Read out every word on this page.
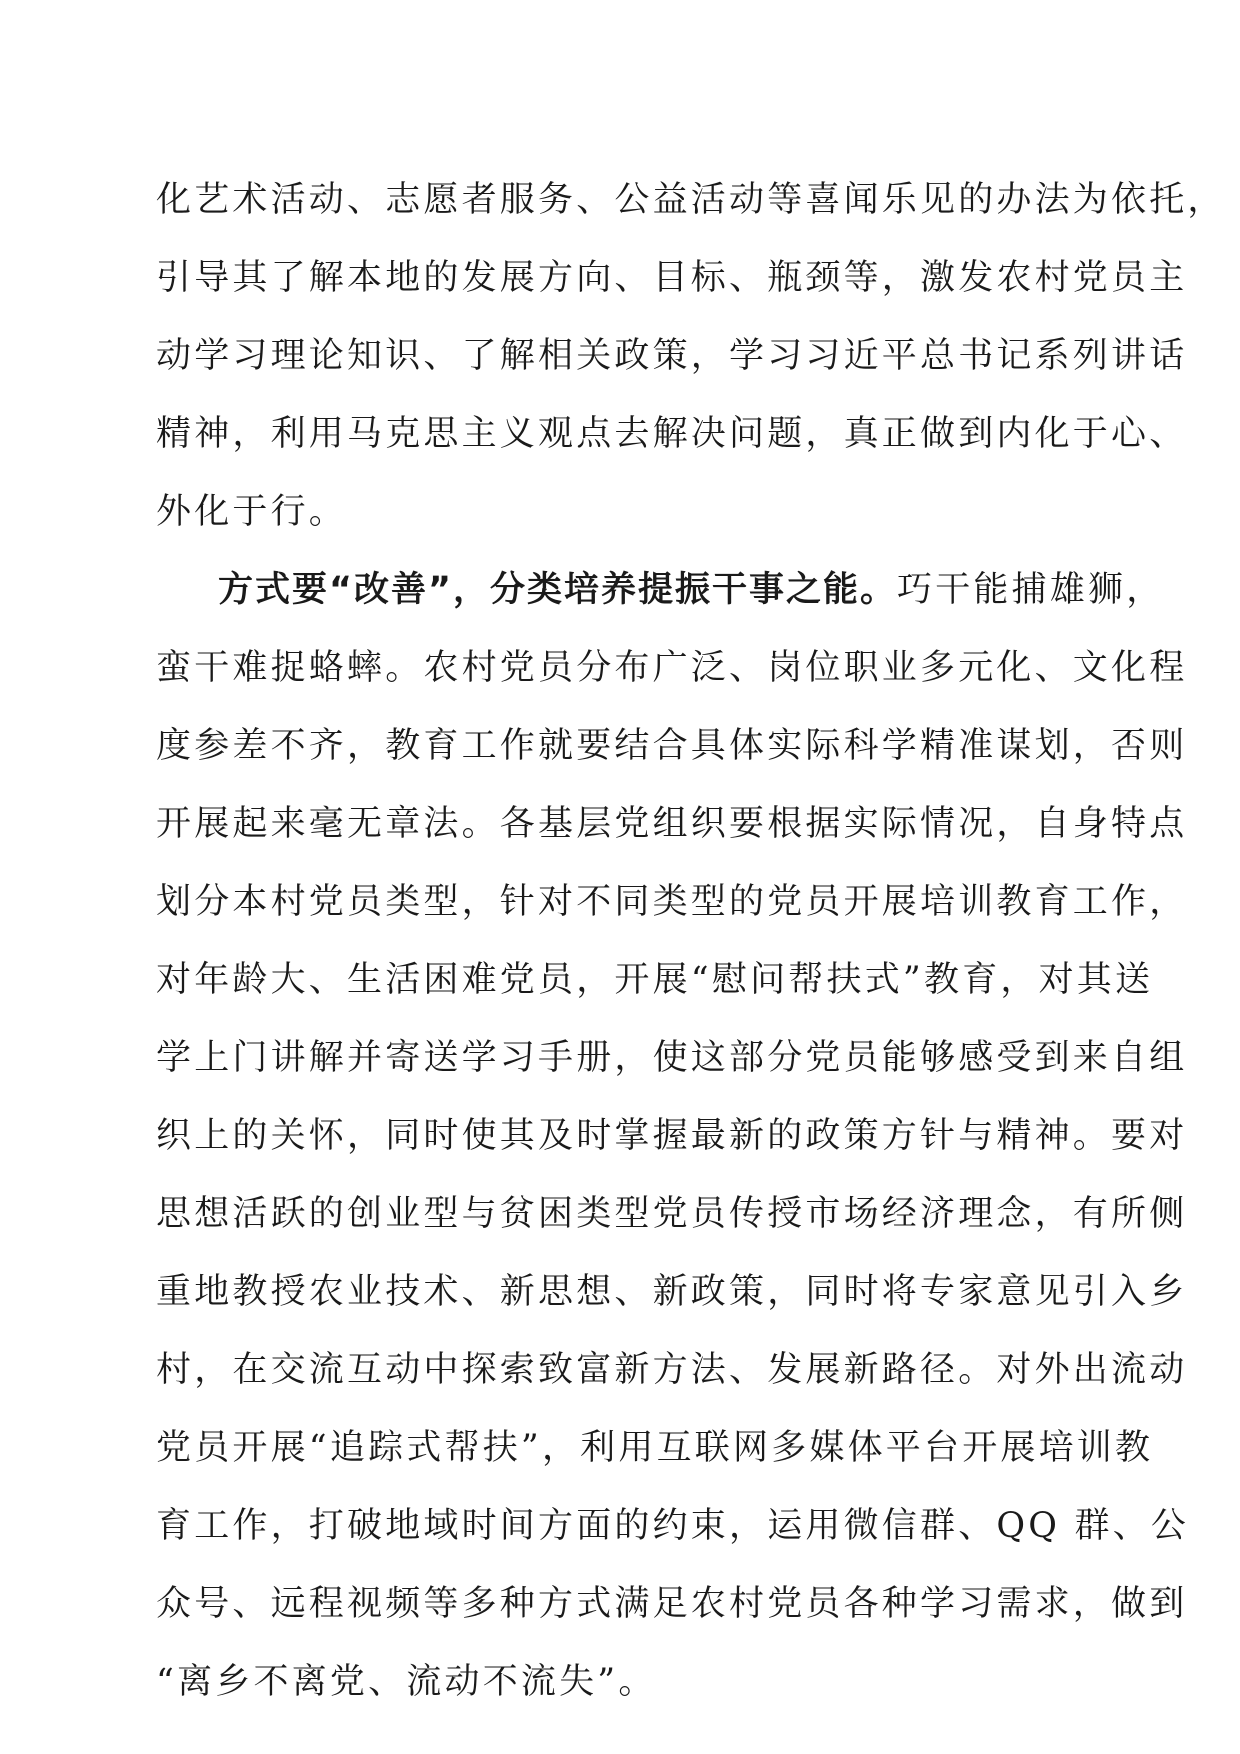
化艺术活动、志愿者服务、公益活动等喜闻乐见的办法为依托，

引导其了解本地的发展方向、目标、瓶颈等，激发农村党员主

动学习理论知识、了解相关政策，学习习近平总书记系列讲话

精神，利用马克思主义观点去解决问题，真正做到内化于心、

外化于行。

方式要“改善”，分类培养提振干事之能。巧干能捕雄狮，

蛮干难捉蛒蟀。农村党员分布广泛、岗位职业多元化、文化程

度参差不齐，教育工作就要结合具体实际科学精准谋划，否则

开展起来毫无章法。各基层党组织要根据实际情况，自身特点

划分本村党员类型，针对不同类型的党员开展培训教育工作，

对年龄大、生活困难党员，开展“慰问帮扶式”教育，对其送

学上门讲解并寄送学习手册，使这部分党员能够感受到来自组

织上的关怀，同时使其及时掌握最新的政策方针与精神。要对

思想活跃的创业型与贫困类型党员传授市场经济理念，有所侧

重地教授农业技术、新思想、新政策，同时将专家意见引入乡

村，在交流互动中探索致富新方法、发展新路径。对外出流动

党员开展“追踪式帮扶”，利用互联网多媒体平台开展培训教

育工作，打破地域时间方面的约束，运用微信群、QQ 群、公

众号、远程视频等多种方式满足农村党员各种学习需求，做到

“离乡不离党、流动不流失”。
